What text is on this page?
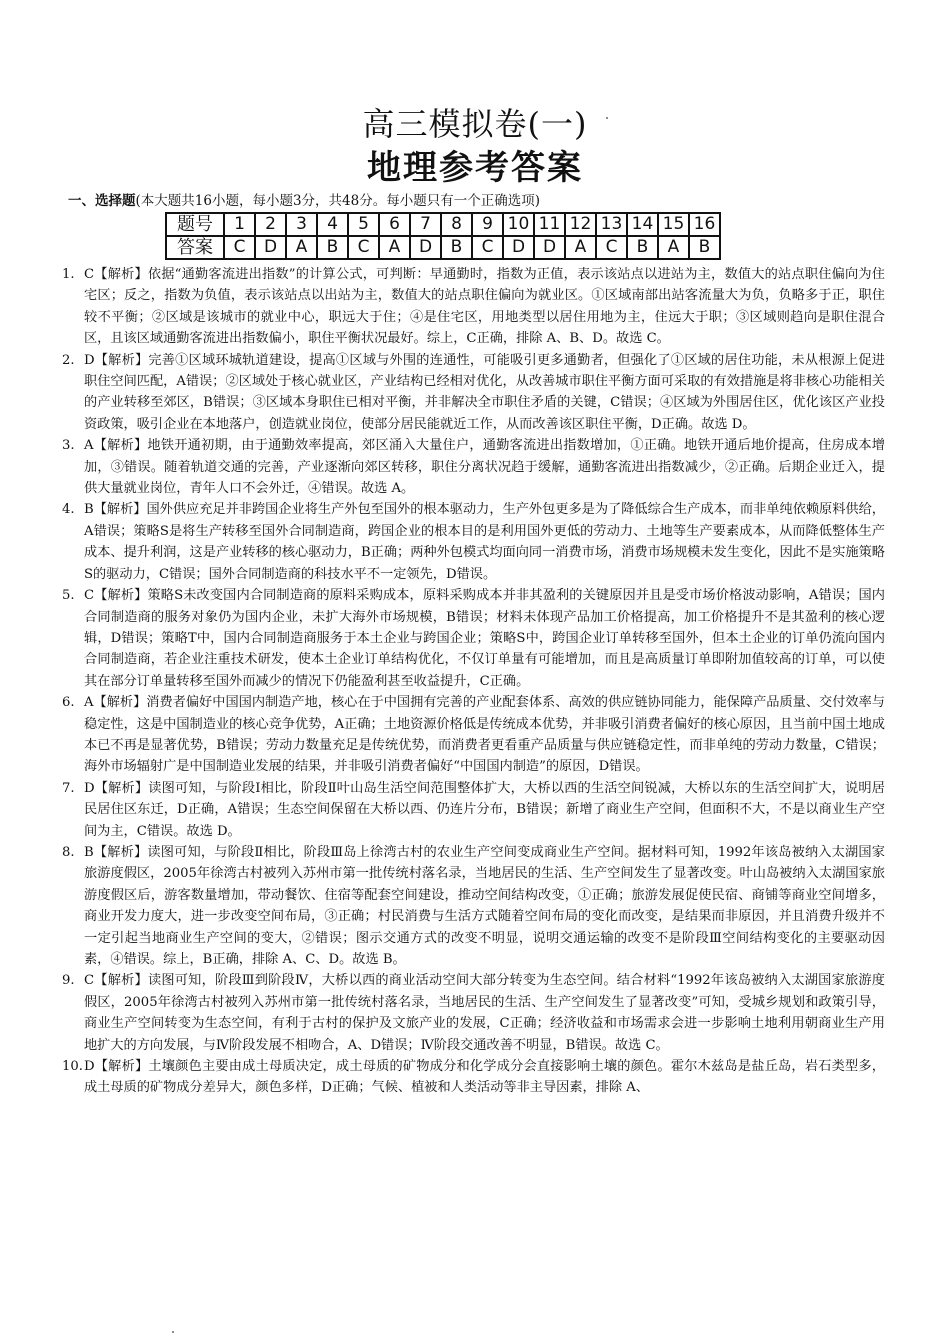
高三模拟卷(一)
地理参考答案
一、选择题(本大题共16小题，每小题3分，共48分。每小题只有一个正确选项)
题号	1	2	3	4	5	6	7	8	9	10	11	12	13	14	15	16
答案	C	D	A	B	C	A	D	B	C	D	D	A	C	B	A	B

1. C【解析】依据“通勤客流进出指数”的计算公式，可判断：早通勤时，指数为正值，表示该站点以进站为主，数值大的站点职住偏向为住宅区；反之，指数为负值，表示该站点以出站为主，数值大的站点职住偏向为就业区。①区域南部出站客流量大为负，负略多于正，职住较不平衡；②区域是该城市的就业中心，职远大于住；④是住宅区，用地类型以居住用地为主，住远大于职；③区域则趋向是职住混合区，且该区域通勤客流进出指数偏小，职住平衡状况最好。综上，C正确，排除 A、B、D。故选 C。

2. D【解析】完善①区域环城轨道建设，提高①区域与外围的连通性，可能吸引更多通勤者，但强化了①区域的居住功能，未从根源上促进职住空间匹配，A错误；②区域处于核心就业区，产业结构已经相对优化，从改善城市职住平衡方面可采取的有效措施是将非核心功能相关的产业转移至郊区，B错误；③区域本身职住已相对平衡，并非解决全市职住矛盾的关键，C错误；④区域为外围居住区，优化该区产业投资政策，吸引企业在本地落户，创造就业岗位，使部分居民能就近工作，从而改善该区职住平衡，D正确。故选 D。

3. A【解析】地铁开通初期，由于通勤效率提高，郊区涌入大量住户，通勤客流进出指数增加，①正确。地铁开通后地价提高，住房成本增加，③错误。随着轨道交通的完善，产业逐渐向郊区转移，职住分离状况趋于缓解，通勤客流进出指数减少，②正确。后期企业迁入，提供大量就业岗位，青年人口不会外迁，④错误。故选 A。

4. B【解析】国外供应充足并非跨国企业将生产外包至国外的根本驱动力，生产外包更多是为了降低综合生产成本，而非单纯依赖原料供给，A错误；策略S是将生产转移至国外合同制造商，跨国企业的根本目的是利用国外更低的劳动力、土地等生产要素成本，从而降低整体生产成本、提升利润，这是产业转移的核心驱动力，B正确；两种外包模式均面向同一消费市场，消费市场规模未发生变化，因此不是实施策略S的驱动力，C错误；国外合同制造商的科技水平不一定领先，D错误。

5. C【解析】策略S未改变国内合同制造商的原料采购成本，原料采购成本并非其盈利的关键原因并且是受市场价格波动影响，A错误；国内合同制造商的服务对象仍为国内企业，未扩大海外市场规模，B错误；材料未体现产品加工价格提高，加工价格提升不是其盈利的核心逻辑，D错误；策略T中，国内合同制造商服务于本土企业与跨国企业；策略S中，跨国企业订单转移至国外，但本土企业的订单仍流向国内合同制造商，若企业注重技术研发，使本土企业订单结构优化，不仅订单量有可能增加，而且是高质量订单即附加值较高的订单，可以使其在部分订单量转移至国外而减少的情况下仍能盈利甚至收益提升，C正确。

6. A【解析】消费者偏好中国国内制造产地，核心在于中国拥有完善的产业配套体系、高效的供应链协同能力，能保障产品质量、交付效率与稳定性，这是中国制造业的核心竞争优势，A正确；土地资源价格低是传统成本优势，并非吸引消费者偏好的核心原因，且当前中国土地成本已不再是显著优势，B错误；劳动力数量充足是传统优势，而消费者更看重产品质量与供应链稳定性，而非单纯的劳动力数量，C错误；海外市场辐射广是中国制造业发展的结果，并非吸引消费者偏好“中国国内制造”的原因，D错误。

7. D【解析】读图可知，与阶段Ⅰ相比，阶段Ⅱ叶山岛生活空间范围整体扩大，大桥以西的生活空间锐减，大桥以东的生活空间扩大，说明居民居住区东迁，D正确，A错误；生态空间保留在大桥以西、仍连片分布，B错误；新增了商业生产空间，但面积不大，不是以商业生产空间为主，C错误。故选 D。

8. B【解析】读图可知，与阶段Ⅱ相比，阶段Ⅲ岛上徐湾古村的农业生产空间变成商业生产空间。据材料可知，1992年该岛被纳入太湖国家旅游度假区，2005年徐湾古村被列入苏州市第一批传统村落名录，当地居民的生活、生产空间发生了显著改变。叶山岛被纳入太湖国家旅游度假区后，游客数量增加，带动餐饮、住宿等配套空间建设，推动空间结构改变，①正确；旅游发展促使民宿、商铺等商业空间增多，商业开发力度大，进一步改变空间布局，③正确；村民消费与生活方式随着空间布局的变化而改变，是结果而非原因，并且消费升级并不一定引起当地商业生产空间的变大，②错误；图示交通方式的改变不明显，说明交通运输的改变不是阶段Ⅲ空间结构变化的主要驱动因素，④错误。综上，B正确，排除 A、C、D。故选 B。

9. C【解析】读图可知，阶段Ⅲ到阶段Ⅳ，大桥以西的商业活动空间大部分转变为生态空间。结合材料“1992年该岛被纳入太湖国家旅游度假区，2005年徐湾古村被列入苏州市第一批传统村落名录，当地居民的生活、生产空间发生了显著改变”可知，受城乡规划和政策引导，商业生产空间转变为生态空间，有利于古村的保护及文旅产业的发展，C正确；经济收益和市场需求会进一步影响土地利用朝商业生产用地扩大的方向发展，与Ⅳ阶段发展不相吻合，A、D错误；Ⅳ阶段交通改善不明显，B错误。故选 C。

10.D【解析】土壤颜色主要由成土母质决定，成土母质的矿物成分和化学成分会直接影响土壤的颜色。霍尔木兹岛是盐丘岛，岩石类型多，成土母质的矿物成分差异大，颜色多样，D正确；气候、植被和人类活动等非主导因素，排除 A、
